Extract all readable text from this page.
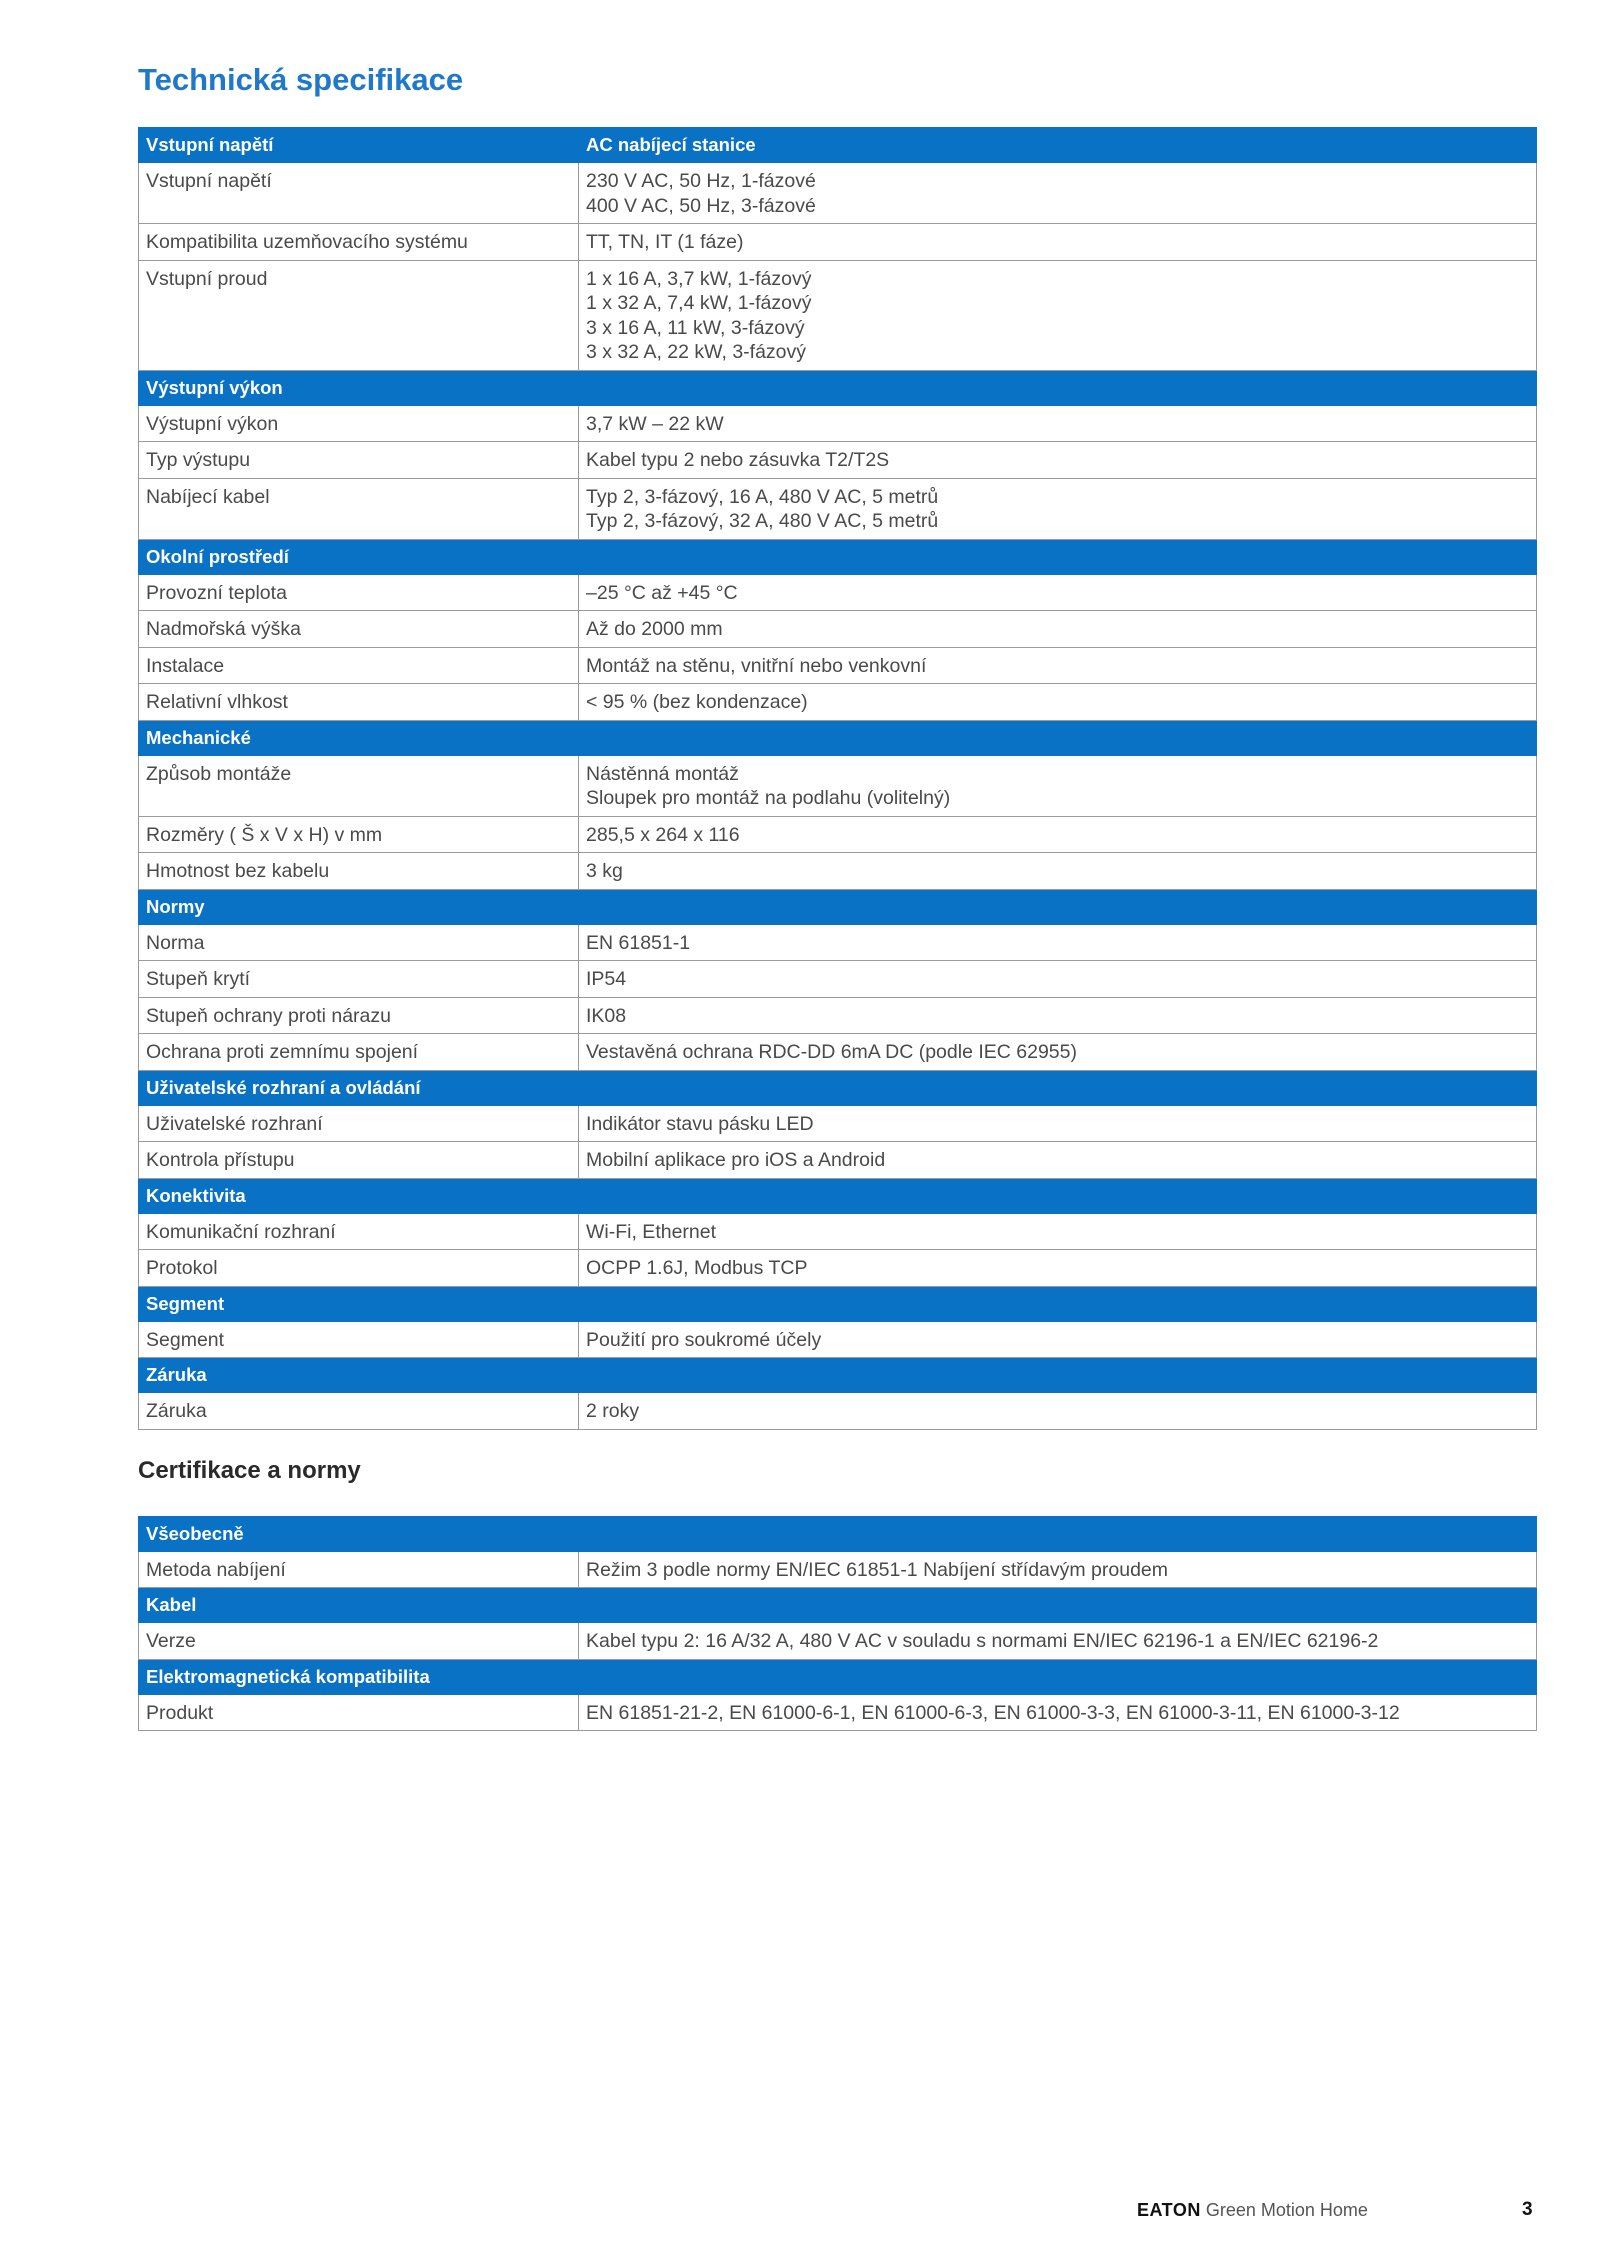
Technická specifikace
Vstupní napětí	AC nabíjecí stanice
Vstupní napětí	230 V AC, 50 Hz, 1-fázové
400 V AC, 50 Hz, 3-fázové

Kompatibilita uzemňovacího systému	TT, TN, IT (1 fáze)

Vstupní proud	1 x 16 A, 3,7 kW, 1-fázový
1 x 32 A, 7,4 kW, 1-fázový
3 x 16 A, 11 kW, 3-fázový
3 x 32 A, 22 kW, 3-fázový

Výstupní výkon	
Výstupní výkon	3,7 kW – 22 kW

Typ výstupu	Kabel typu 2 nebo zásuvka T2/T2S

Nabíjecí kabel	Typ 2, 3-fázový, 16 A, 480 V AC, 5 metrů
Typ 2, 3-fázový, 32 A, 480 V AC, 5 metrů

Okolní prostředí	
Provozní teplota	–25 °C až +45 °C

Nadmořská výška	Až do 2000 mm

Instalace	Montáž na stěnu, vnitřní nebo venkovní

Relativní vlhkost	< 95 % (bez kondenzace)

Mechanické	
Způsob montáže	Nástěnná montáž
Sloupek pro montáž na podlahu (volitelný)

Rozměry ( Š x V x H) v mm	285,5 x 264 x 116

Hmotnost bez kabelu	3 kg

Normy	
Norma	EN 61851-1

Stupeň krytí	IP54

Stupeň ochrany proti nárazu	IK08

Ochrana proti zemnímu spojení	Vestavěná ochrana RDC-DD 6mA DC (podle IEC 62955)

Uživatelské rozhraní a ovládání	
Uživatelské rozhraní	Indikátor stavu pásku LED

Kontrola přístupu	Mobilní aplikace pro iOS a Android

Konektivita	
Komunikační rozhraní	Wi-Fi, Ethernet

Protokol	OCPP 1.6J, Modbus TCP

Segment	
Segment	Použití pro soukromé účely

Záruka	
Záruka	2 roky
Certifikace a normy
Všeobecně	
Metoda nabíjení	Režim 3 podle normy EN/IEC 61851-1 Nabíjení střídavým proudem

Kabel	
Verze	Kabel typu 2: 16 A/32 A, 480 V AC v souladu s normami EN/IEC 62196-1 a EN/IEC 62196-2

Elektromagnetická kompatibilita	
Produkt	EN 61851-21-2, EN 61000-6-1, EN 61000-6-3, EN 61000-3-3, EN 61000-3-11, EN 61000-3-12
EATON Green Motion Home	3
